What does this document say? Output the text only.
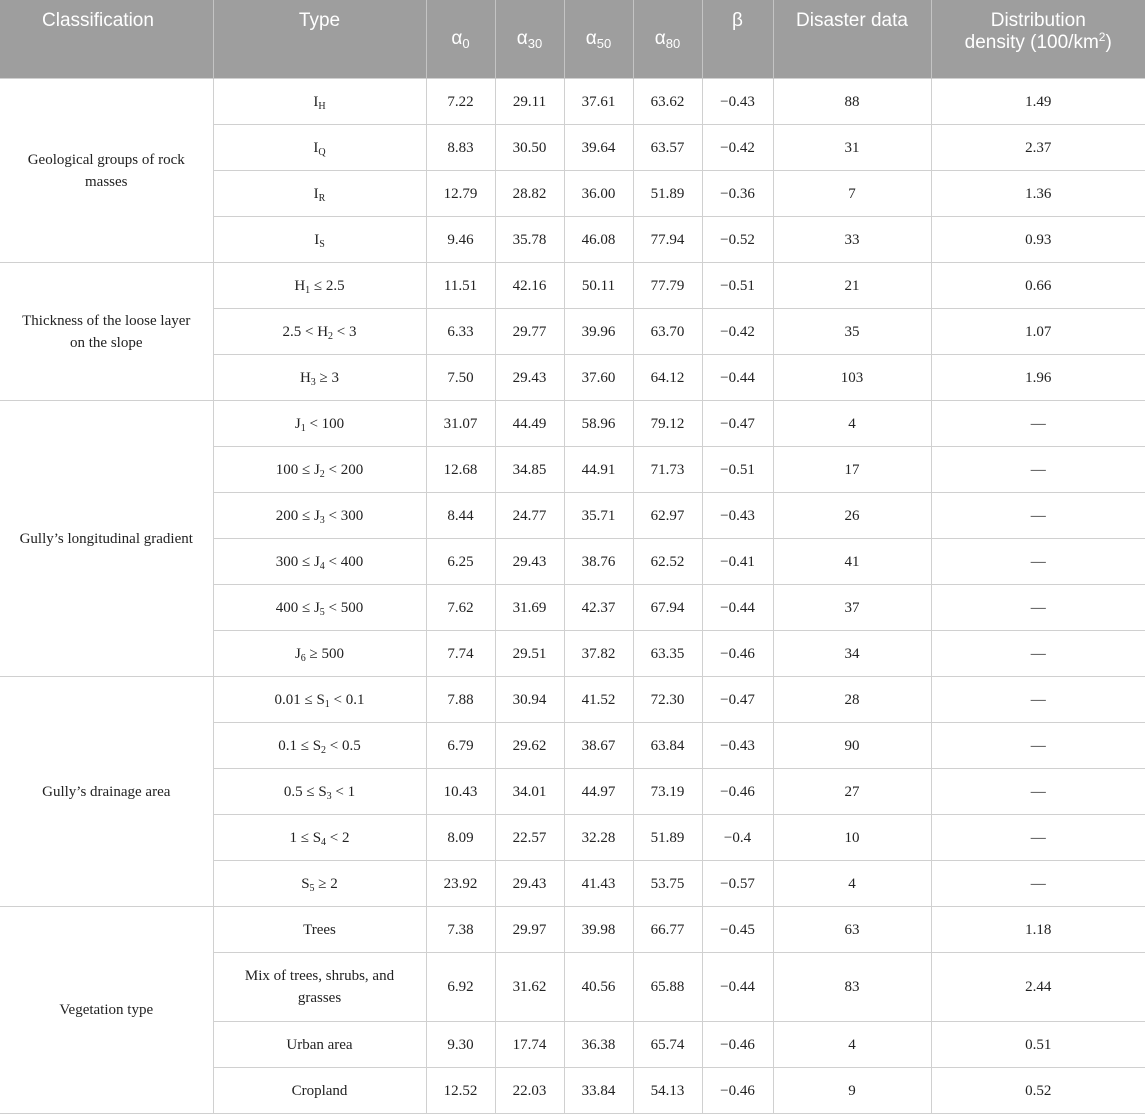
Classification	Type	$\alpha_0$	$\alpha_{30}$	$\alpha_{50}$	$\alpha_{80}$	β	Disaster data	Distribution
density $(100/km^2)$
Geological groups of rock masses	$I_H$	7.22	29.11	37.61	63.62	−0.43	88	1.49
	$I_Q$	8.83	30.50	39.64	63.57	−0.42	31	2.37
	$I_R$	12.79	28.82	36.00	51.89	−0.36	7	1.36
	$I_S$	9.46	35.78	46.08	77.94	−0.52	33	0.93
Thickness of the loose layer on the slope	$H_1 \le 2.5$	11.51	42.16	50.11	77.79	−0.51	21	0.66
	$2.5 < H_2 < 3$	6.33	29.77	39.96	63.70	−0.42	35	1.07
	$H_3 \ge 3$	7.50	29.43	37.60	64.12	−0.44	103	1.96
Gully’s longitudinal gradient	$J_1 < 100$	31.07	44.49	58.96	79.12	−0.47	4	—
	$100 \le J_2 < 200$	12.68	34.85	44.91	71.73	−0.51	17	—
	$200 \le J_3 < 300$	8.44	24.77	35.71	62.97	−0.43	26	—
	$300 \le J_4 < 400$	6.25	29.43	38.76	62.52	−0.41	41	—
	$400 \le J_5 < 500$	7.62	31.69	42.37	67.94	−0.44	37	—
	$J_6 \ge 500$	7.74	29.51	37.82	63.35	−0.46	34	—
Gully’s drainage area	$0.01 \le S_1 < 0.1$	7.88	30.94	41.52	72.30	−0.47	28	—
	$0.1 \le S_2 < 0.5$	6.79	29.62	38.67	63.84	−0.43	90	—
	$0.5 \le S_3 < 1$	10.43	34.01	44.97	73.19	−0.46	27	—
	$1 \le S_4 < 2$	8.09	22.57	32.28	51.89	−0.4	10	—
	$S_5 \ge 2$	23.92	29.43	41.43	53.75	−0.57	4	—
Vegetation type	Trees	7.38	29.97	39.98	66.77	−0.45	63	1.18
	Mix of trees, shrubs, and grasses	6.92	31.62	40.56	65.88	−0.44	83	2.44
	Urban area	9.30	17.74	36.38	65.74	−0.46	4	0.51
	Cropland	12.52	22.03	33.84	54.13	−0.46	9	0.52
